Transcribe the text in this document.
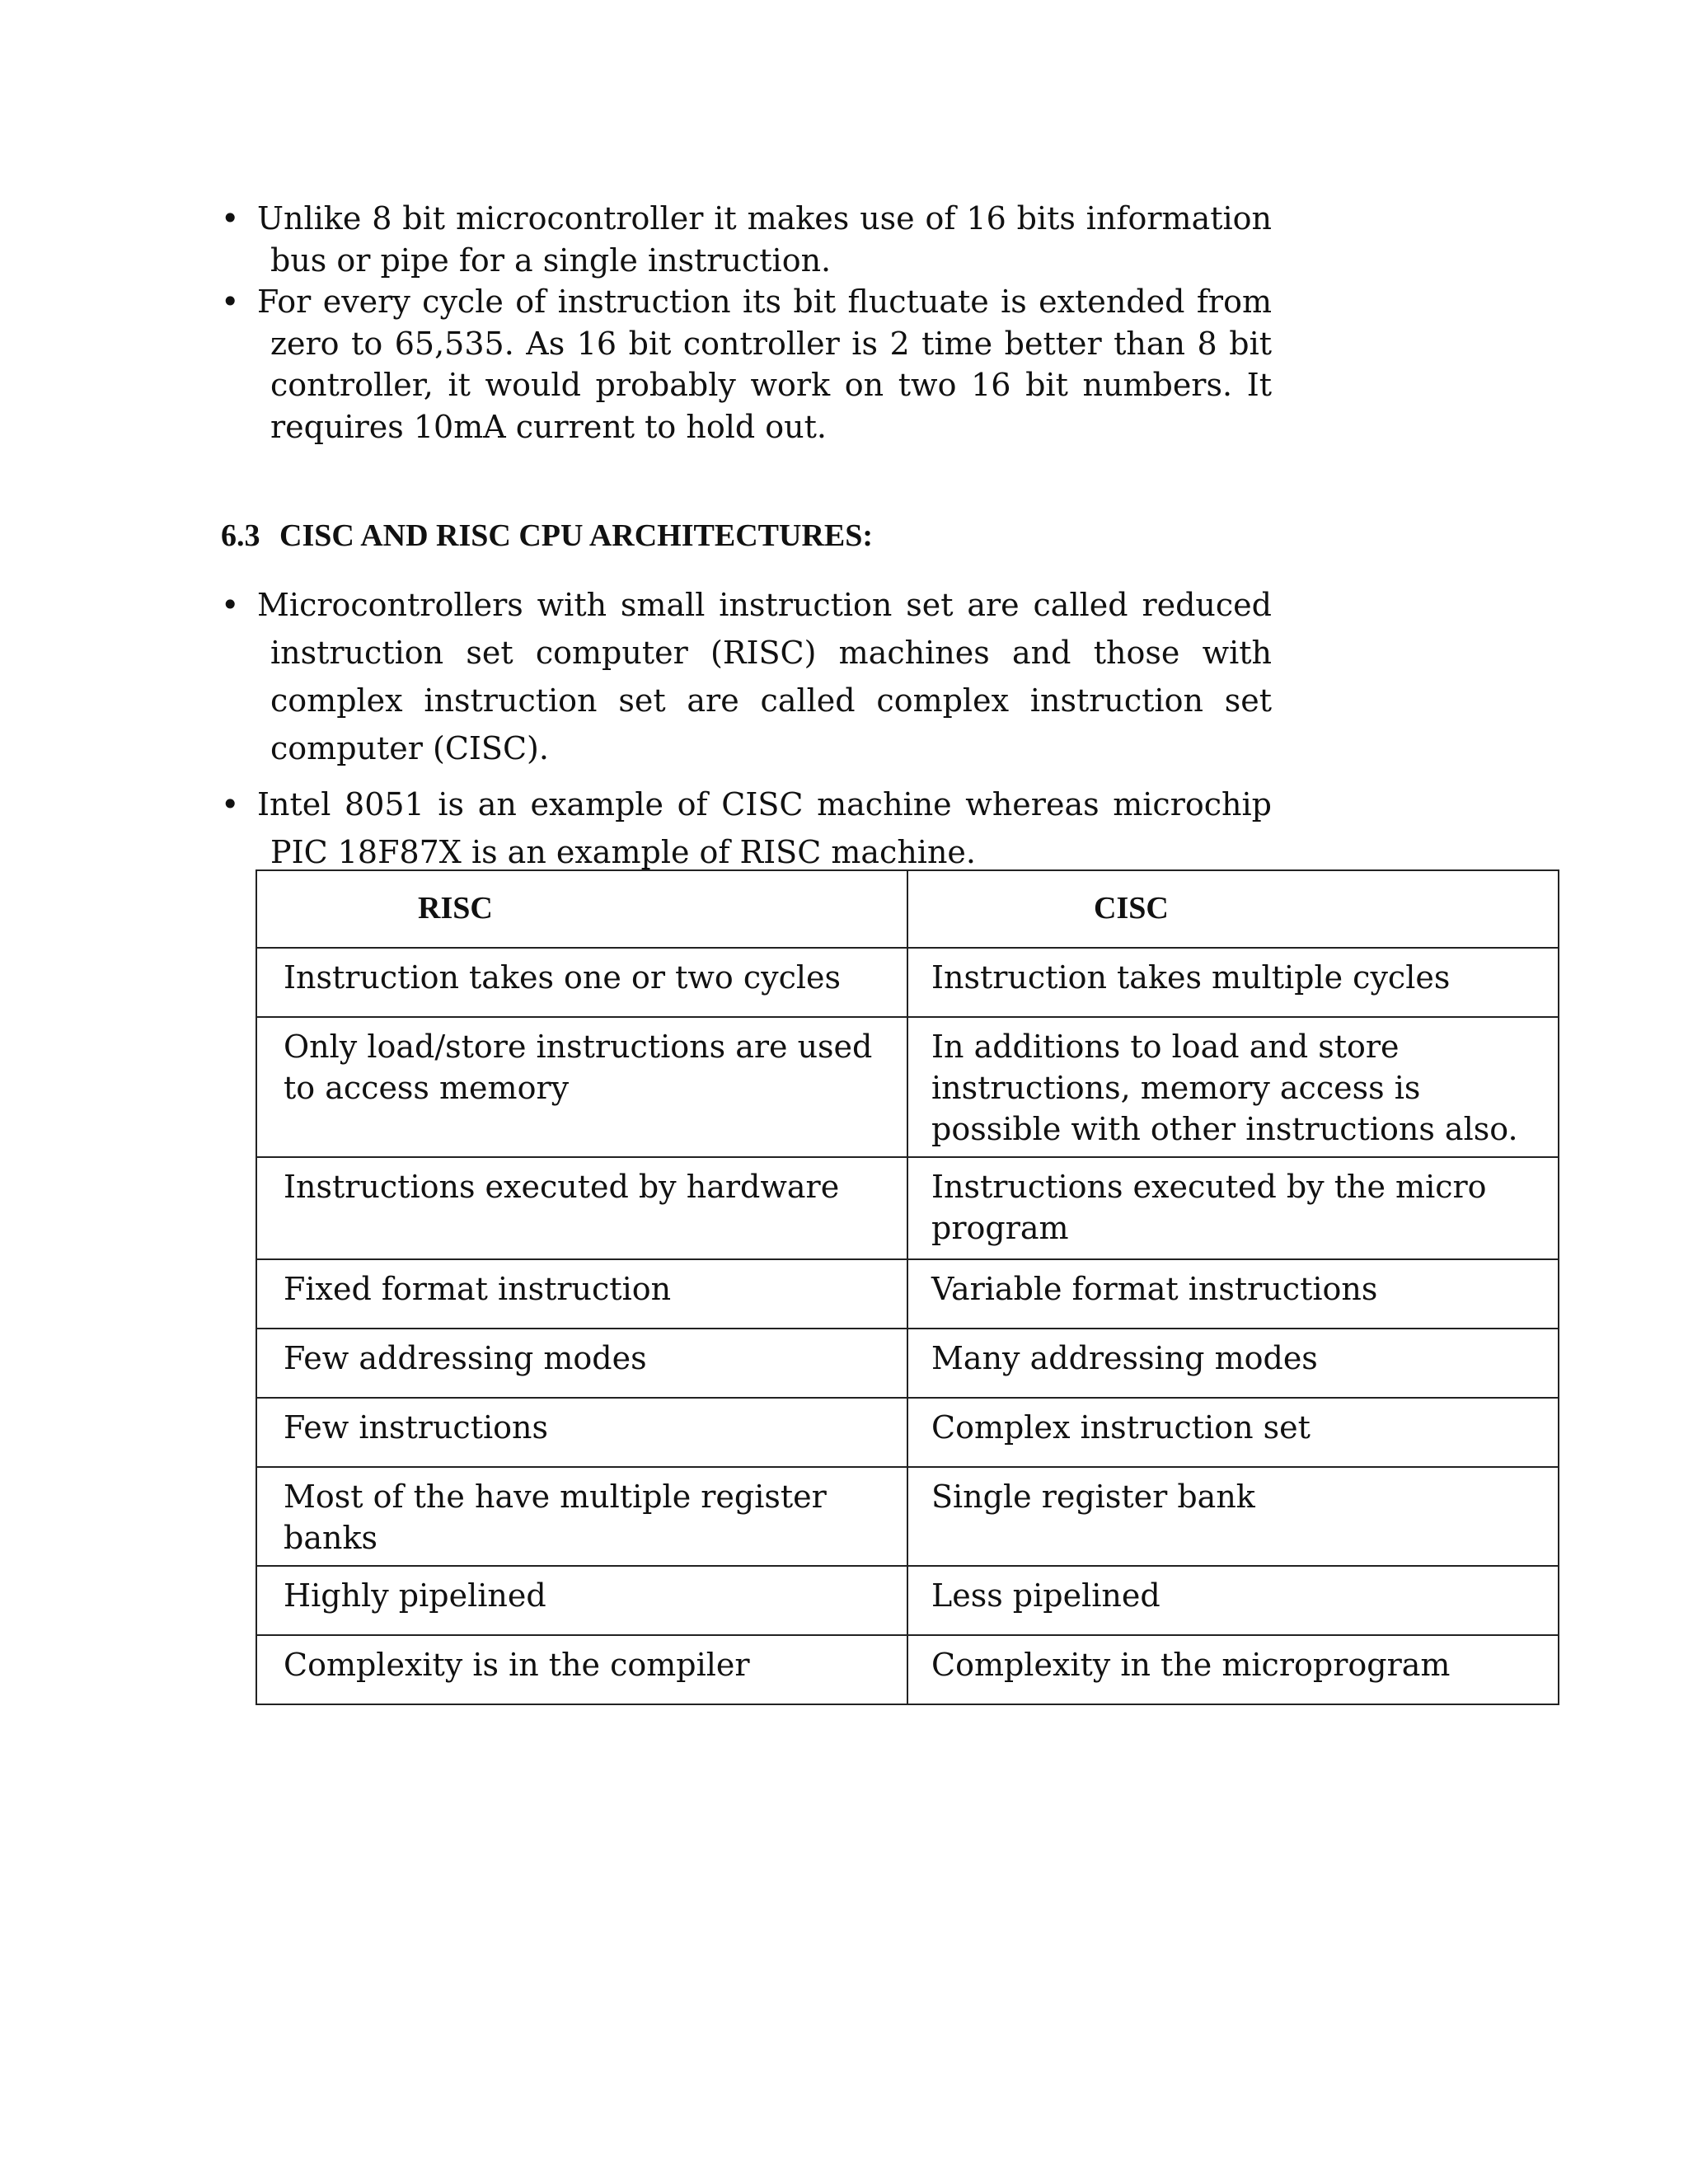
• Unlike 8 bit microcontroller it makes use of 16 bits information bus or pipe for a single instruction.
• For every cycle of instruction its bit fluctuate is extended from zero to 65,535. As 16 bit controller is 2 time better than 8 bit controller, it would probably work on two 16 bit numbers. It requires 10mA current to hold out.
6.3 CISC AND RISC CPU ARCHITECTURES:
• Microcontrollers with small instruction set are called reduced instruction set computer (RISC) machines and those with complex instruction set are called complex instruction set computer (CISC).
• Intel 8051 is an example of CISC machine whereas microchip PIC 18F87X is an example of RISC machine.
RISC	CISC
Instruction takes one or two cycles	Instruction takes multiple cycles
Only load/store instructions are used to access memory	In additions to load and store instructions, memory access is possible with other instructions also.
Instructions executed by hardware	Instructions executed by the micro program
Fixed format instruction	Variable format instructions
Few addressing modes	Many addressing modes
Few instructions	Complex instruction set
Most of the have multiple register banks	Single register bank
Highly pipelined	Less pipelined
Complexity is in the compiler	Complexity in the microprogram
